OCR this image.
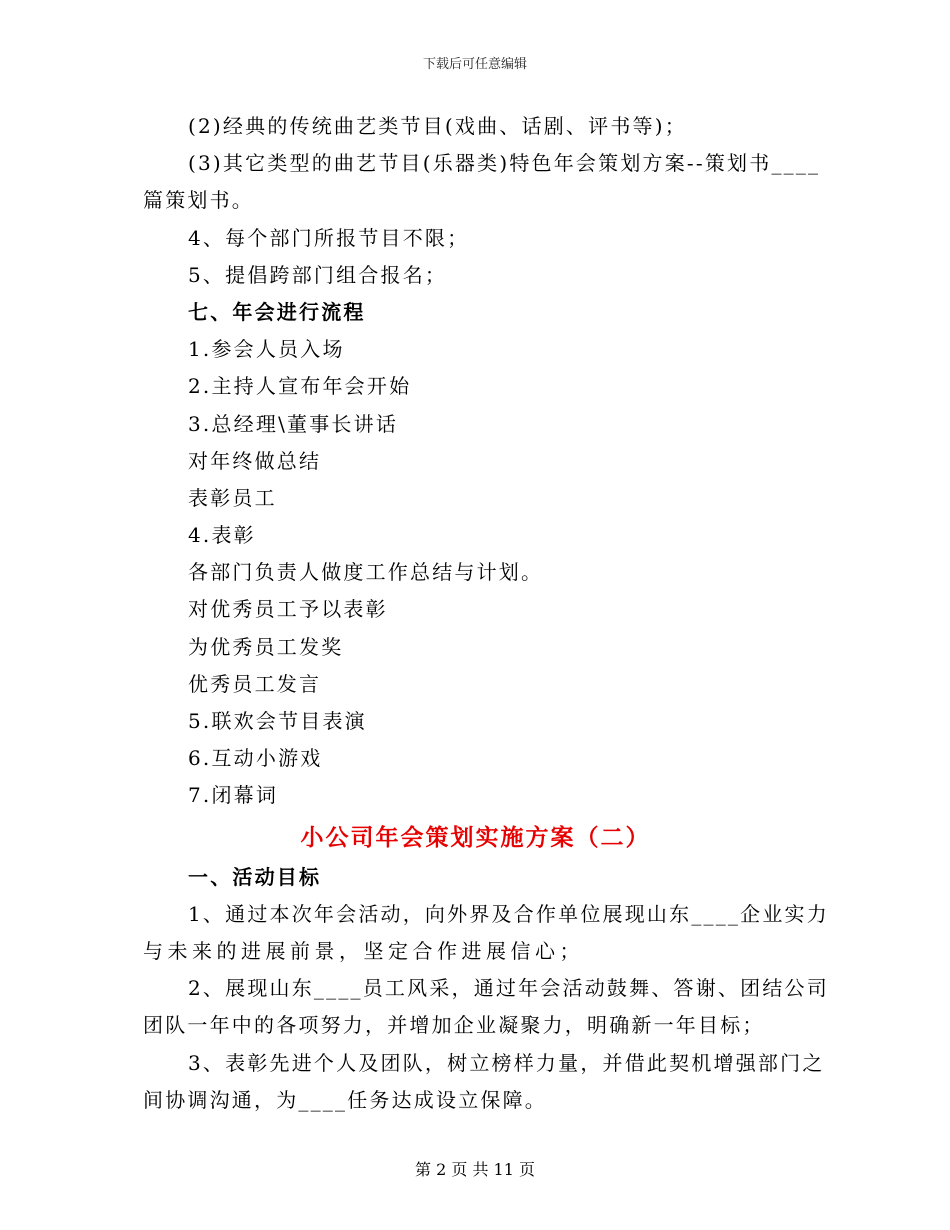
下载后可任意编辑
(2)经典的传统曲艺类节目(戏曲、话剧、评书等)；
(3)其它类型的曲艺节目(乐器类)特色年会策划方案--策划书____
篇策划书。
4、每个部门所报节目不限；
5、提倡跨部门组合报名；
七、年会进行流程
1.参会人员入场
2.主持人宣布年会开始
3.总经理\董事长讲话
对年终做总结
表彰员工
4.表彰
各部门负责人做度工作总结与计划。
对优秀员工予以表彰
为优秀员工发奖
优秀员工发言
5.联欢会节目表演
6.互动小游戏
7.闭幕词
小公司年会策划实施方案（二）
一、活动目标
1、通过本次年会活动，向外界及合作单位展现山东____企业实力
与未来的进展前景，坚定合作进展信心；
2、展现山东____员工风采，通过年会活动鼓舞、答谢、团结公司
团队一年中的各项努力，并增加企业凝聚力，明确新一年目标；
3、表彰先进个人及团队，树立榜样力量，并借此契机增强部门之
间协调沟通，为____任务达成设立保障。
第 2 页 共 11 页
